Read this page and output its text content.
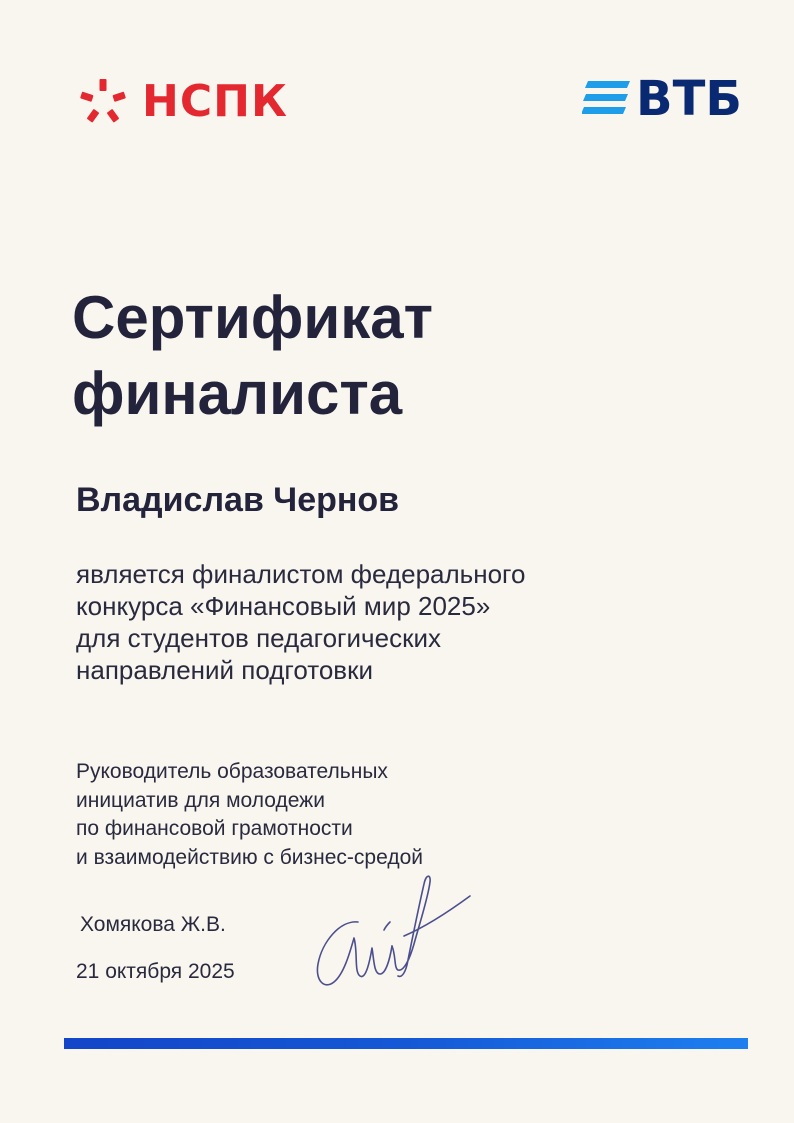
НСПК	ВТБ
Сертификат
финалиста
Владислав Чернов
является финалистом федерального
конкурса «Финансовый мир 2025»
для студентов педагогических
направлений подготовки
Руководитель образовательных
инициатив для молодежи
по финансовой грамотности
и взаимодействию с бизнес-средой
Хомякова Ж.В.
21 октября 2025
